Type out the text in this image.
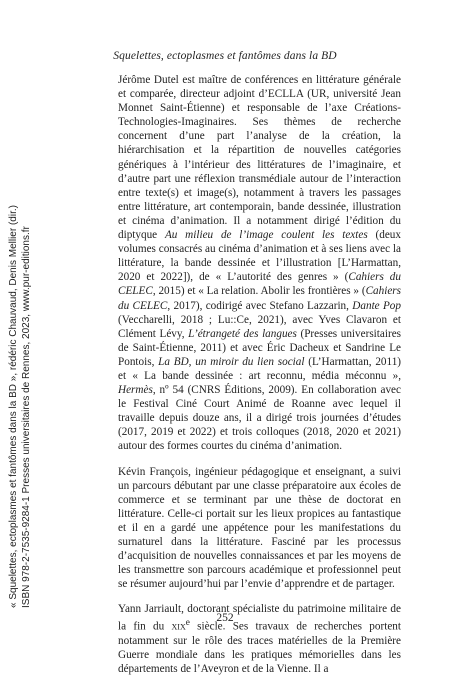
Squelettes, ectoplasmes et fantômes dans la BD

Jérôme Dutel est maître de conférences en littérature générale et comparée, directeur adjoint d’ECLLA (UR, université Jean Monnet Saint-Étienne) et responsable de l’axe Créations-Technologies-Imaginaires. Ses thèmes de recherche concernent d’une part l’analyse de la création, la hiérarchisation et la répartition de nouvelles catégories génériques à l’intérieur des littératures de l’imaginaire, et d’autre part une réflexion transmédiale autour de l’interaction entre texte(s) et image(s), notamment à travers les passages entre littérature, art contemporain, bande dessinée, illustration et cinéma d’animation. Il a notamment dirigé l’édition du diptyque Au milieu de l’image coulent les textes (deux volumes consacrés au cinéma d’animation et à ses liens avec la littérature, la bande dessinée et l’illustration [L’Harmattan, 2020 et 2022]), de « L’autorité des genres » (Cahiers du CELEC, 2015) et « La relation. Abolir les frontières » (Cahiers du CELEC, 2017), codirigé avec Stefano Lazzarin, Dante Pop (Veccharelli, 2018 ; Lu::Ce, 2021), avec Yves Clavaron et Clément Lévy, L’étrangeté des langues (Presses universitaires de Saint-Étienne, 2011) et avec Éric Dacheux et Sandrine Le Pontois, La BD, un miroir du lien social (L’Harmattan, 2011) et « La bande dessinée : art reconnu, média méconnu », Hermès, nº 54 (CNRS Éditions, 2009). En collaboration avec le Festival Ciné Court Animé de Roanne avec lequel il travaille depuis douze ans, il a dirigé trois journées d’études (2017, 2019 et 2022) et trois colloques (2018, 2020 et 2021) autour des formes courtes du cinéma d’animation.

Kévin François, ingénieur pédagogique et enseignant, a suivi un parcours débutant par une classe préparatoire aux écoles de commerce et se terminant par une thèse de doctorat en littérature. Celle-ci portait sur les lieux propices au fantastique et il en a gardé une appétence pour les manifestations du surnaturel dans la littérature. Fasciné par les processus d’acquisition de nouvelles connaissances et par les moyens de les transmettre son parcours académique et professionnel peut se résumer aujourd’hui par l’envie d’apprendre et de partager.

Yann Jarriault, doctorant spécialiste du patrimoine militaire de la fin du xix$^e$ siècle. Ses travaux de recherches portent notamment sur le rôle des traces matérielles de la Première Guerre mondiale dans les pratiques mémorielles dans les départements de l’Aveyron et de la Vienne. Il a

252
« Squelettes, ectoplasmes et fantômes dans la BD », rédéric Chauvaud, Denis Mellier (dir.) ISBN 978-2-7535-9284-1 Presses universitaires de Rennes, 2023, www.pur-editions.fr
